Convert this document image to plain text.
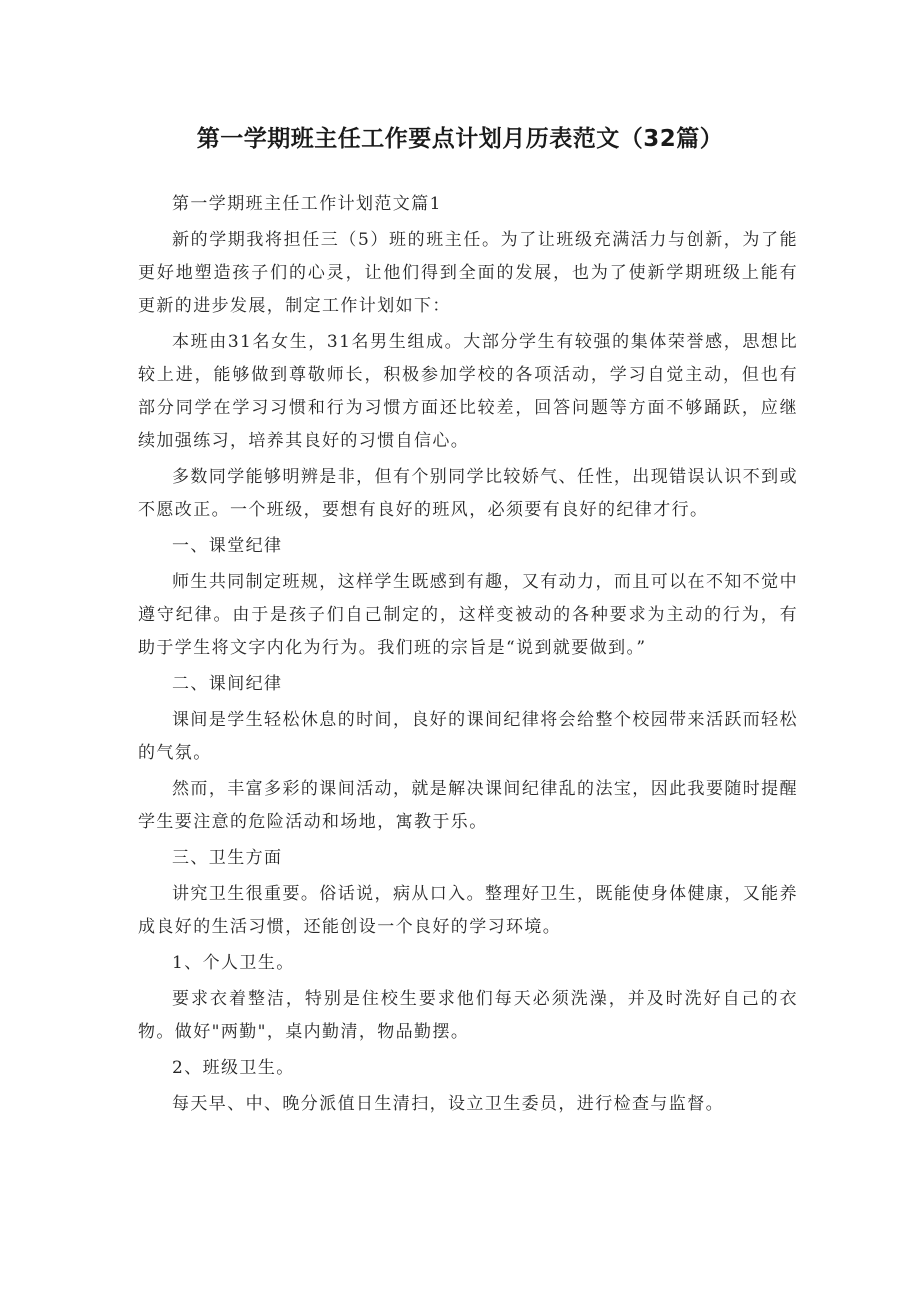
第一学期班主任工作要点计划月历表范文（32篇）

第一学期班主任工作计划范文篇1

新的学期我将担任三（5）班的班主任。为了让班级充满活力与创新，为了能更好地塑造孩子们的心灵，让他们得到全面的发展，也为了使新学期班级上能有更新的进步发展，制定工作计划如下：

本班由31名女生，31名男生组成。大部分学生有较强的集体荣誉感，思想比较上进，能够做到尊敬师长，积极参加学校的各项活动，学习自觉主动，但也有部分同学在学习习惯和行为习惯方面还比较差，回答问题等方面不够踊跃，应继续加强练习，培养其良好的习惯自信心。

多数同学能够明辨是非，但有个别同学比较娇气、任性，出现错误认识不到或不愿改正。一个班级，要想有良好的班风，必须要有良好的纪律才行。

一、课堂纪律

师生共同制定班规，这样学生既感到有趣，又有动力，而且可以在不知不觉中遵守纪律。由于是孩子们自己制定的，这样变被动的各种要求为主动的行为，有助于学生将文字内化为行为。我们班的宗旨是“说到就要做到。”

二、课间纪律

课间是学生轻松休息的时间，良好的课间纪律将会给整个校园带来活跃而轻松的气氛。

然而，丰富多彩的课间活动，就是解决课间纪律乱的法宝，因此我要随时提醒学生要注意的危险活动和场地，寓教于乐。

三、卫生方面

讲究卫生很重要。俗话说，病从口入。整理好卫生，既能使身体健康，又能养成良好的生活习惯，还能创设一个良好的学习环境。

1、个人卫生。

要求衣着整洁，特别是住校生要求他们每天必须洗澡，并及时洗好自己的衣物。做好"两勤"，桌内勤清，物品勤摆。

2、班级卫生。

每天早、中、晚分派值日生清扫，设立卫生委员，进行检查与监督。
